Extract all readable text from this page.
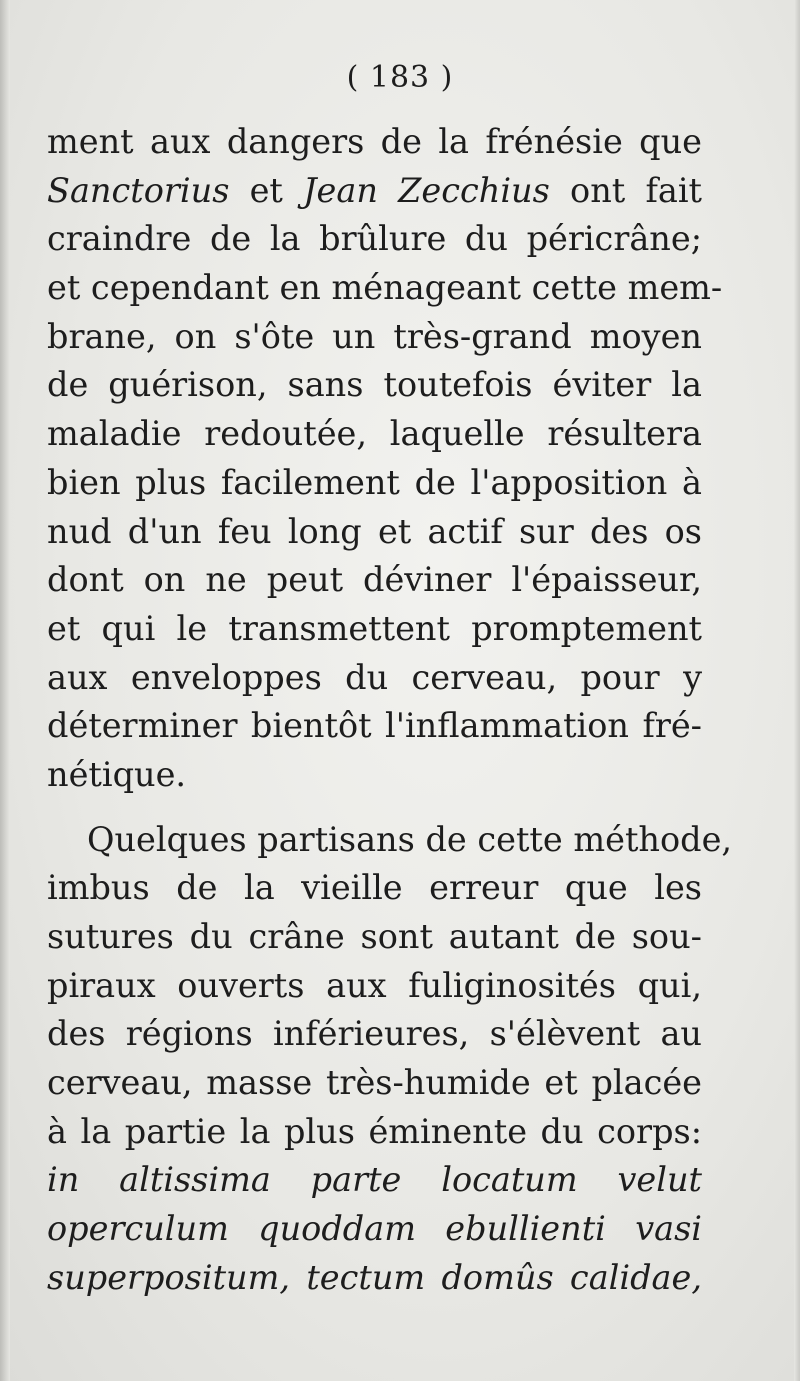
( 183 )
ment aux dangers de la frénésie que
Sanctorius et Jean Zecchius ont fait
craindre de la brûlure du péricrâne;
et cependant en ménageant cette mem-
brane, on s'ôte un très-grand moyen
de guérison, sans toutefois éviter la
maladie redoutée, laquelle résultera
bien plus facilement de l'apposition à
nud d'un feu long et actif sur des os
dont on ne peut déviner l'épaisseur,
et qui le transmettent promptement
aux enveloppes du cerveau, pour y
déterminer bientôt l'inflammation fré-
nétique.
Quelques partisans de cette méthode,
imbus de la vieille erreur que les
sutures du crâne sont autant de sou-
piraux ouverts aux fuliginosités qui,
des régions inférieures, s'élèvent au
cerveau, masse très-humide et placée
à la partie la plus éminente du corps:
in altissima parte locatum velut
operculum quoddam ebullienti vasi
superpositum, tectum domûs calidae,
